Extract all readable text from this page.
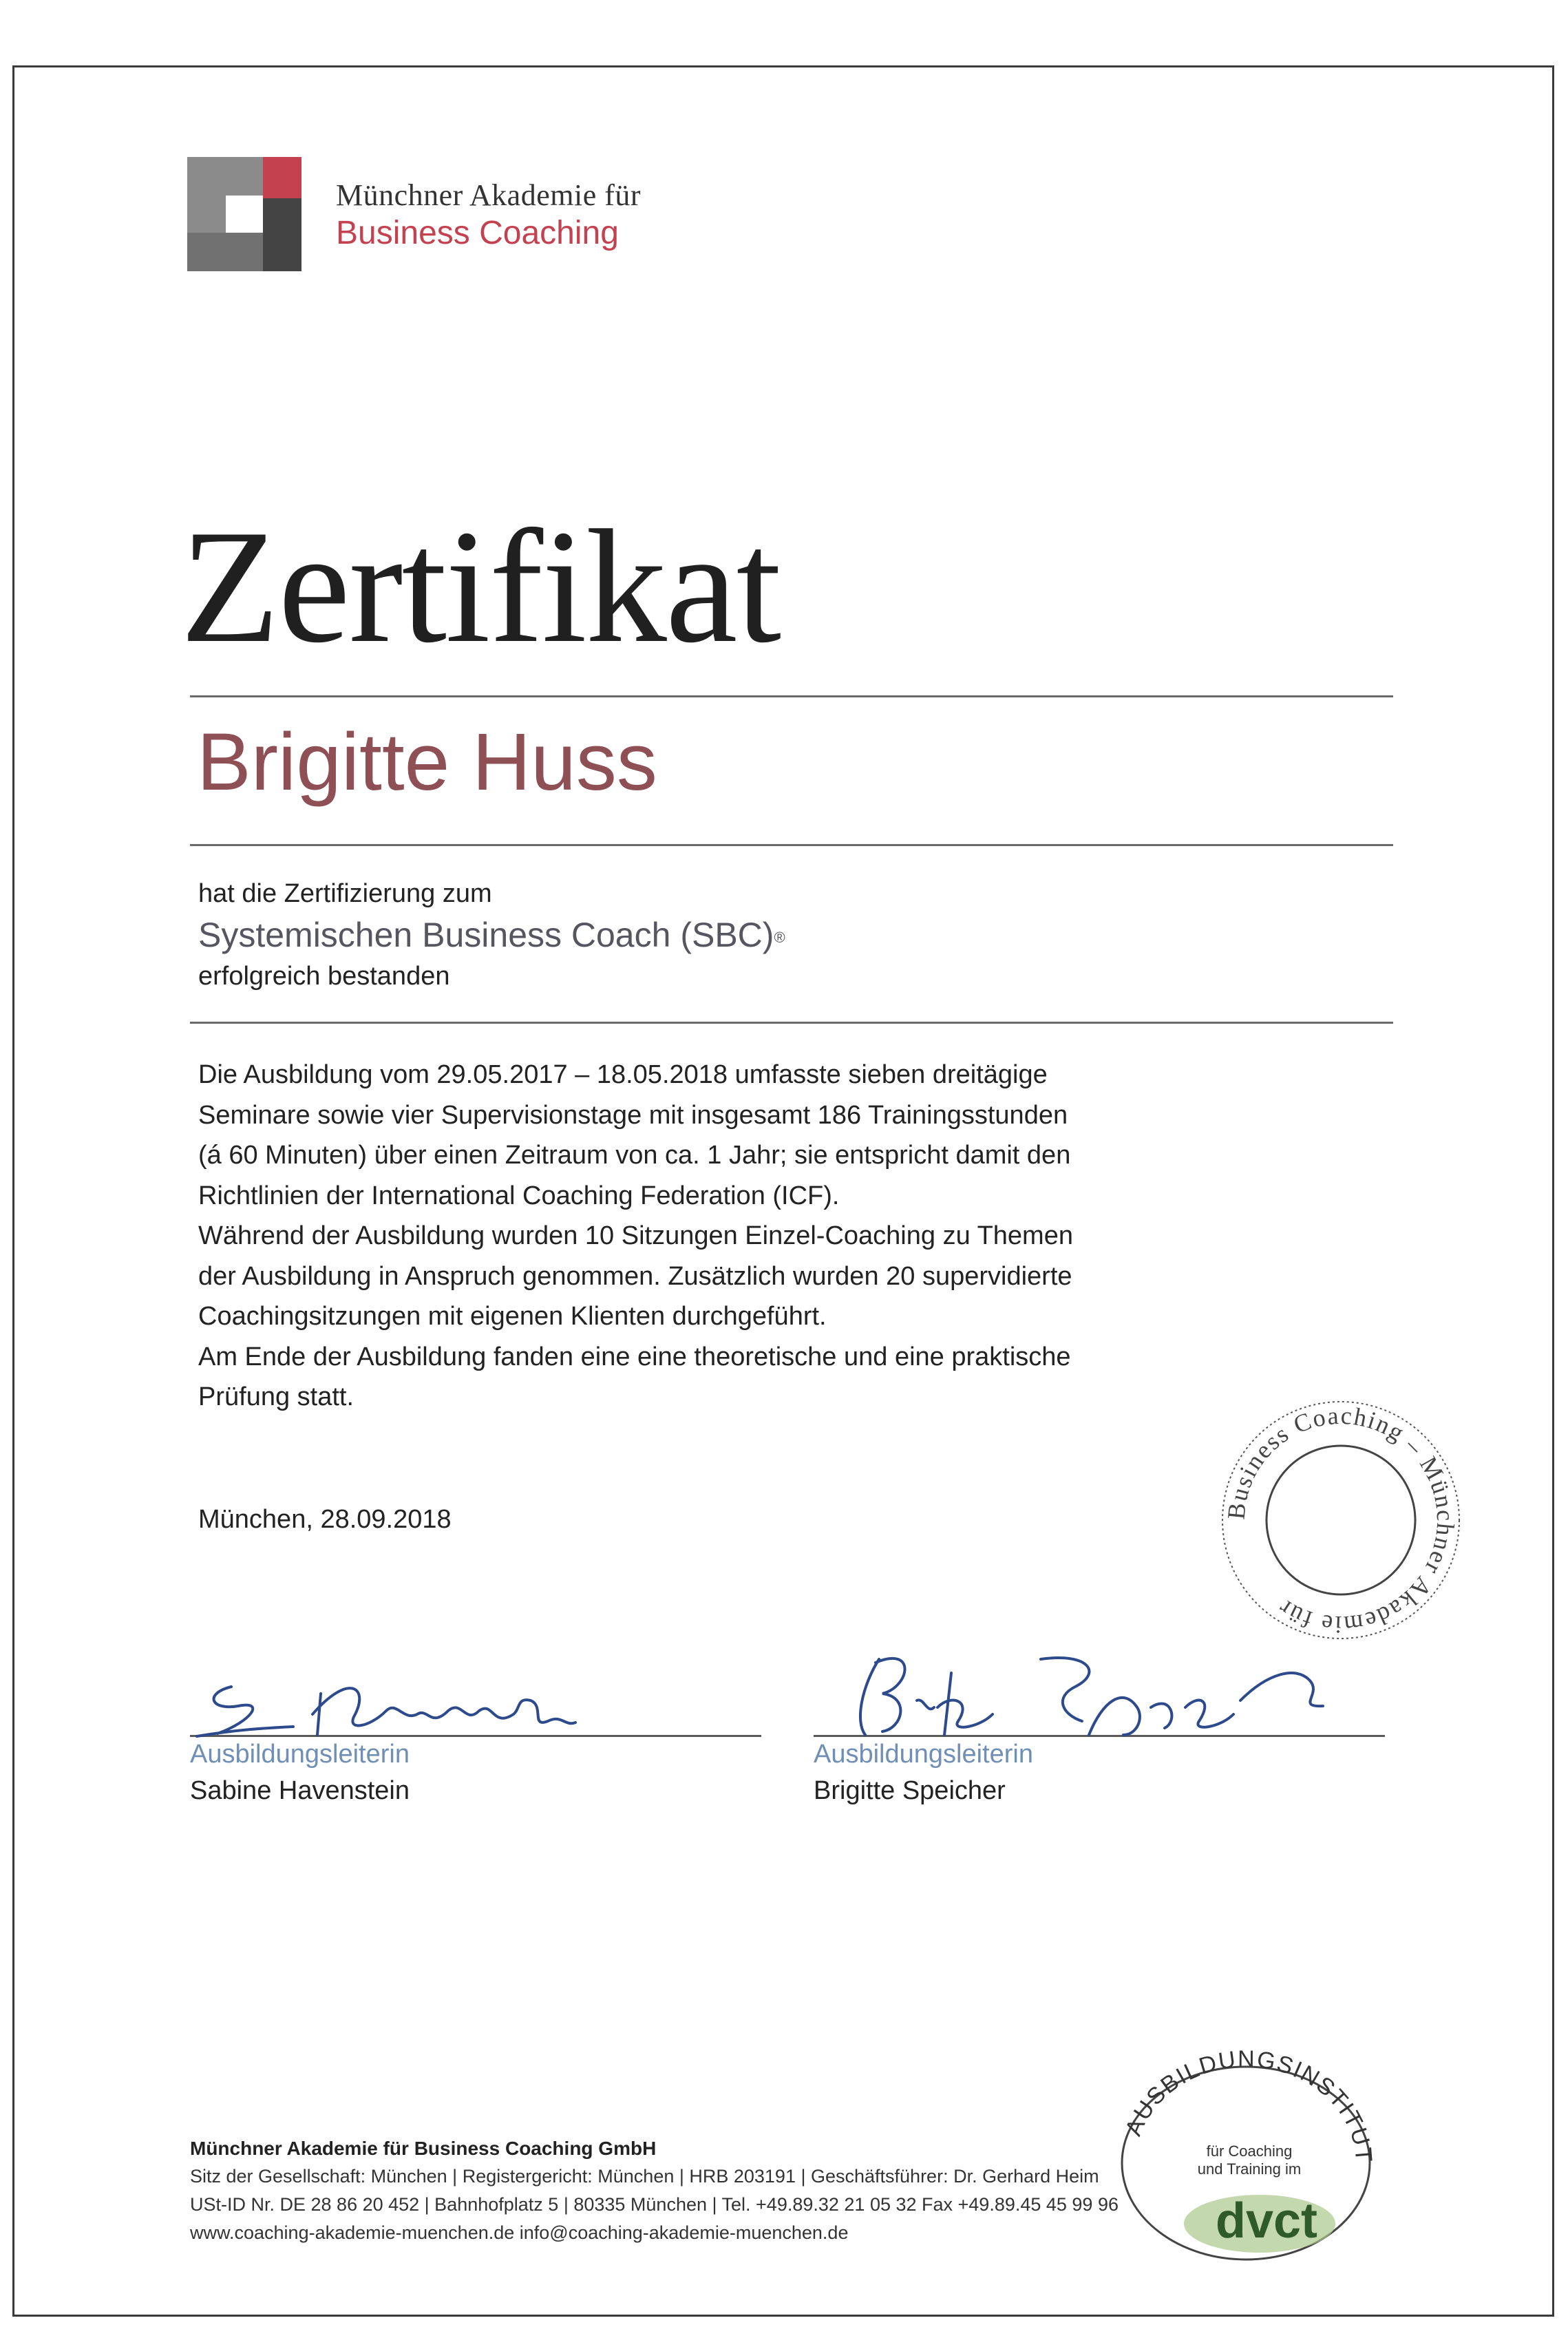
Münchner Akademie für
Business Coaching
Zertifikat
Brigitte Huss
hat die Zertifizierung zum
Systemischen Business Coach (SBC)®
erfolgreich bestanden

Die Ausbildung vom 29.05.2017 – 18.05.2018 umfasste sieben dreitägige

Seminare sowie vier Supervisionstage mit insgesamt 186 Trainingsstunden

(á 60 Minuten) über einen Zeitraum von ca. 1 Jahr; sie entspricht damit den

Richtlinien der International Coaching Federation (ICF).

Während der Ausbildung wurden 10 Sitzungen Einzel-Coaching zu Themen

der Ausbildung in Anspruch genommen. Zusätzlich wurden 20 supervidierte

Coachingsitzungen mit eigenen Klienten durchgeführt.

Am Ende der Ausbildung fanden eine eine theoretische und eine praktische

Prüfung statt.

München, 28.09.2018	Business Coaching – Münchner Akademie für
Ausbildungsleiterin
Sabine Havenstein
Ausbildungsleiterin
Brigitte Speicher
AUSBILDUNGSINSTITUT
für Coaching
und Training im
dvct
Münchner Akademie für Business Coaching GmbH
Sitz der Gesellschaft: München | Registergericht: München | HRB 203191 | Geschäftsführer: Dr. Gerhard Heim
USt-ID Nr. DE 28 86 20 452 | Bahnhofplatz 5 | 80335 München | Tel. +49.89.32 21 05 32 Fax +49.89.45 45 99 96
www.coaching-akademie-muenchen.de info@coaching-akademie-muenchen.de
